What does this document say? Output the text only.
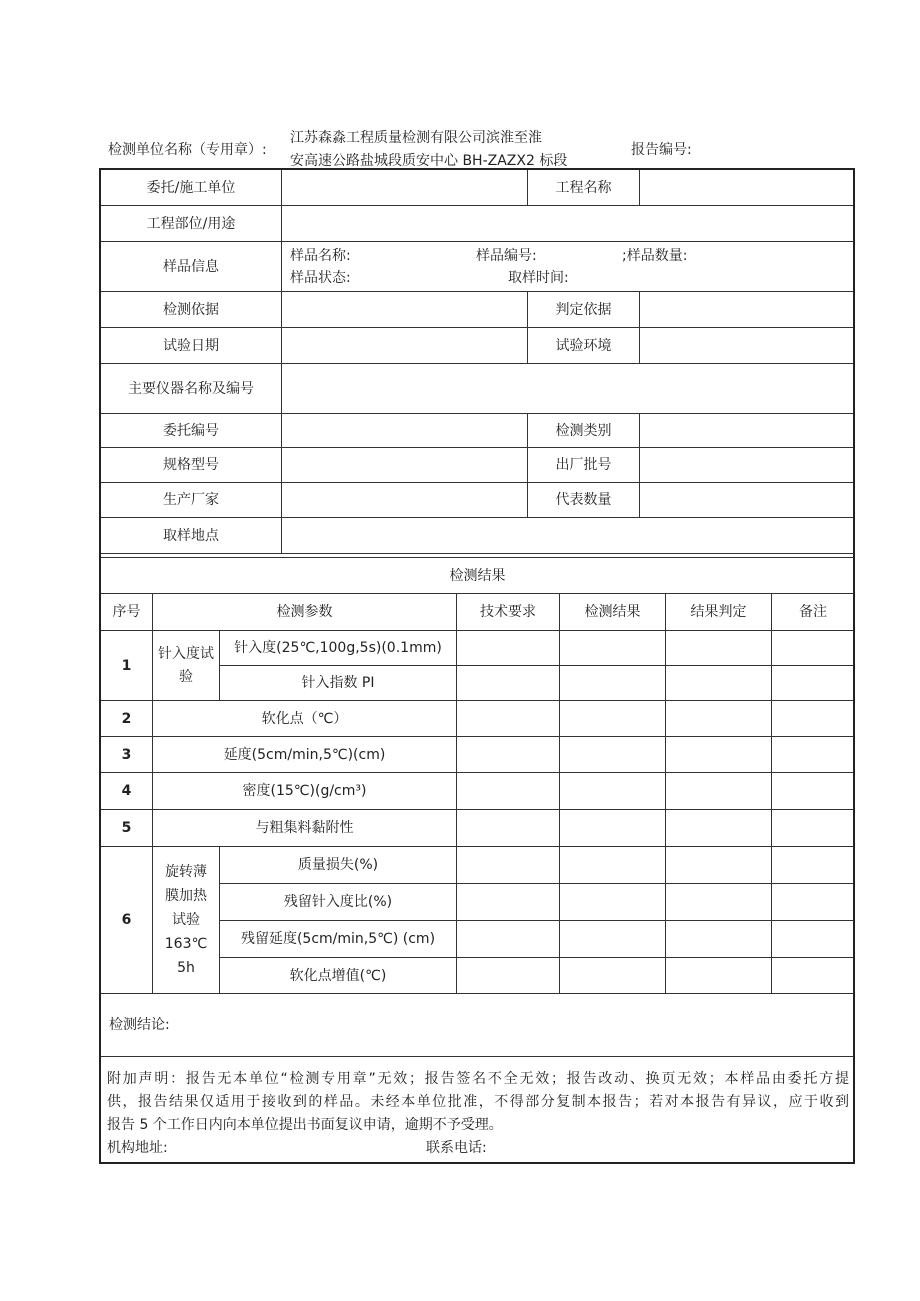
检测单位名称（专用章）:
江苏森淼工程质量检测有限公司滨淮至淮
安高速公路盐城段质安中心 BH-ZAZX2 标段
报告编号:
委托/施工单位		工程名称	
工程部位/用途			
样品信息	样品名称: 样品编号: ;样品数量:
样品状态: 取样时间:		

检测依据		判定依据	
试验日期		试验环境	
主要仪器名称及编号			
委托编号		检测类别	
规格型号		出厂批号	
生产厂家		代表数量	
取样地点			
检测结果						
序号	检测参数		技术要求	检测结果	结果判定	备注
1	针入度试验	针入度(25℃,100g,5s)(0.1mm)				
		针入指数 PI				
2	软化点（℃）					
3	延度(5cm/min,5℃)(cm)					
4	密度(15℃)(g/cm³)					
5	与粗集料黏附性					
6	旋转薄
膜加热
试验
163℃
5h	质量损失(%)				
		残留针入度比(%)				
		残留延度(5cm/min,5℃) (cm)				
		软化点增值(℃)				
检测结论:						

附加声明：报告无本单位“检测专用章”无效；报告签名不全无效；报告改动、换页无效；本样品由委托方提

供，报告结果仅适用于接收到的样品。未经本单位批准，不得部分复制本报告；若对本报告有异议，应于收到

报告 5 个工作日内向本单位提出书面复议申请，逾期不予受理。

机构地址:	联系电话:
